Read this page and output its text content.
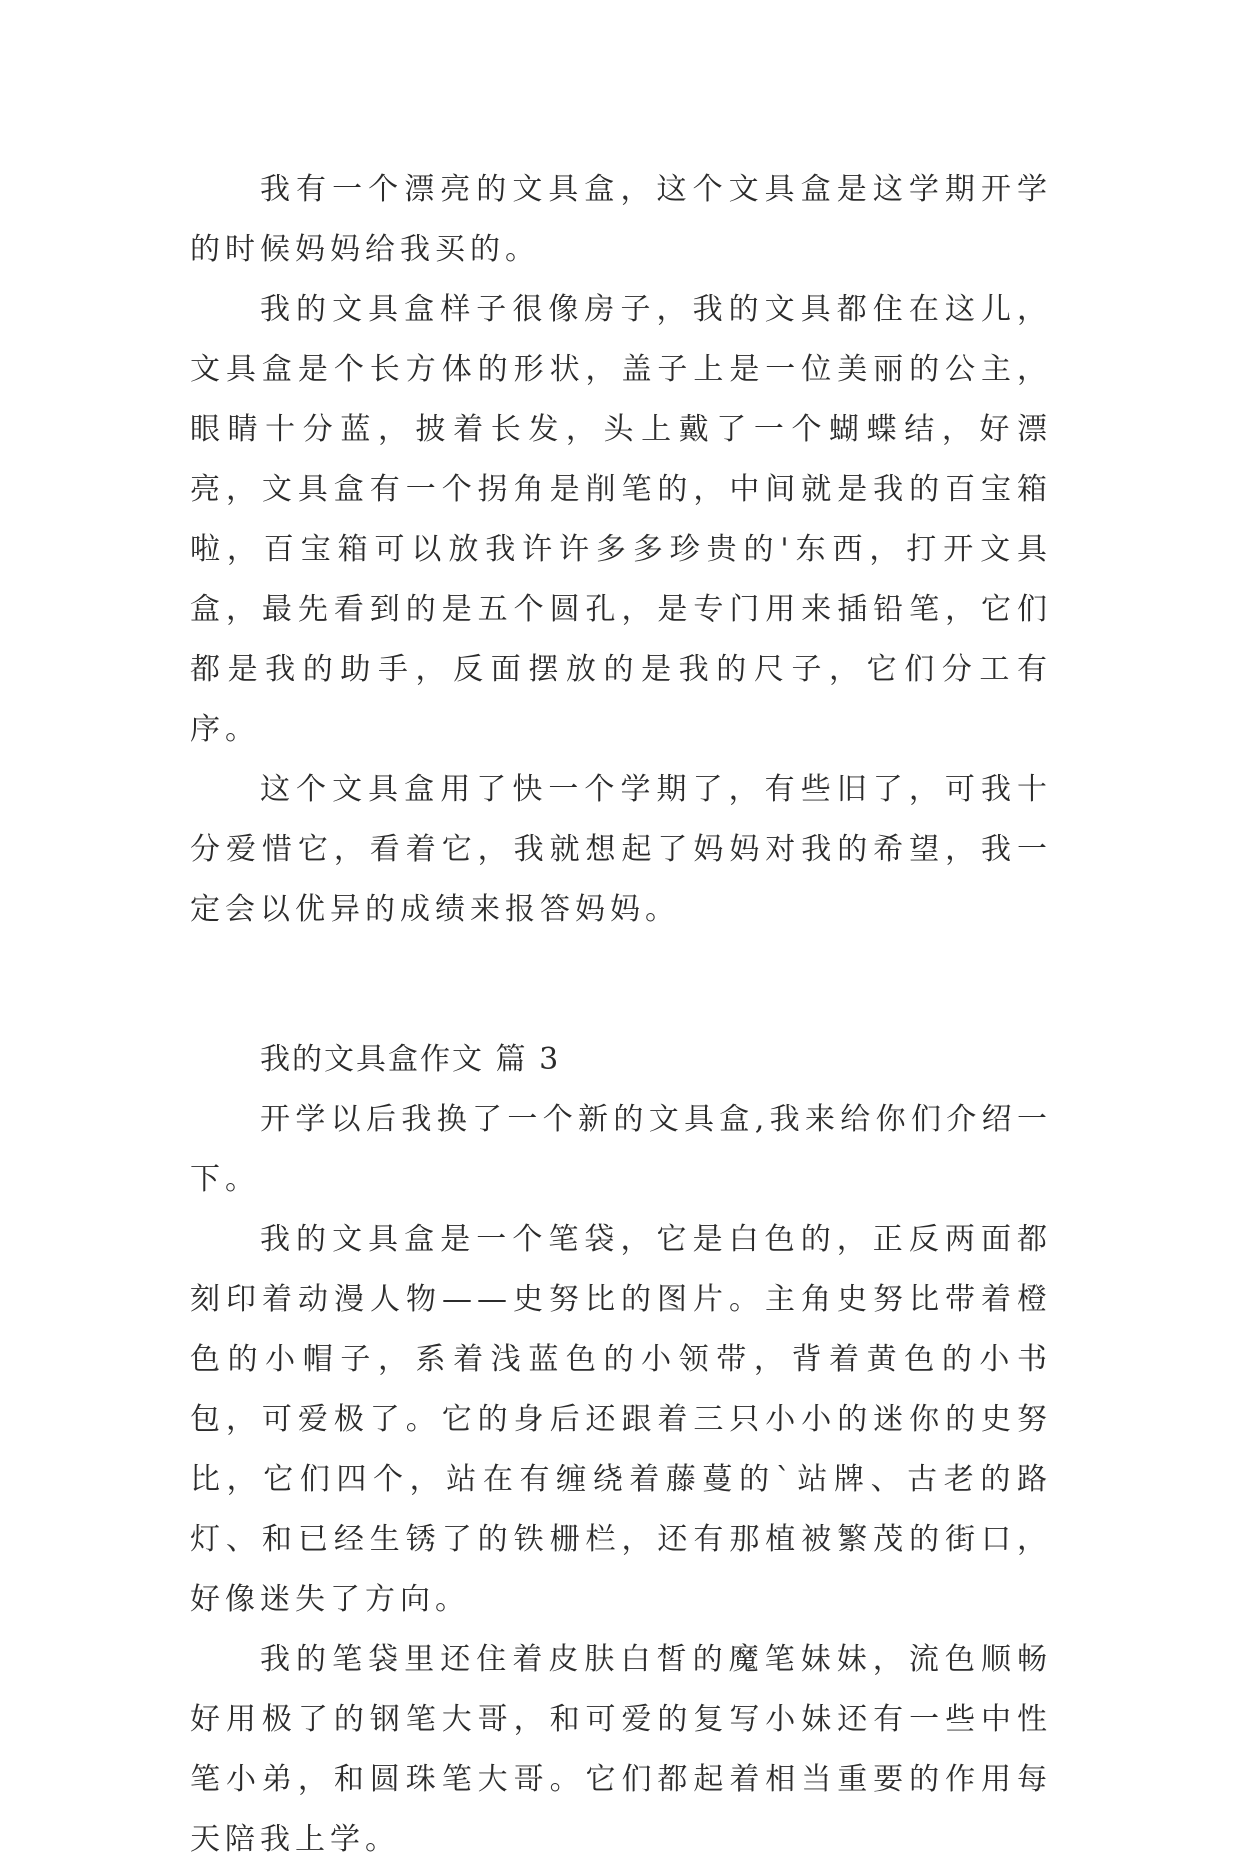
我有一个漂亮的文具盒，这个文具盒是这学期开学的时候妈妈给我买的。

我的文具盒样子很像房子，我的文具都住在这儿，文具盒是个长方体的形状，盖子上是一位美丽的公主，眼睛十分蓝，披着长发，头上戴了一个蝴蝶结，好漂亮，文具盒有一个拐角是削笔的，中间就是我的百宝箱啦，百宝箱可以放我许许多多珍贵的'东西，打开文具盒，最先看到的是五个圆孔，是专门用来插铅笔，它们都是我的助手，反面摆放的是我的尺子，它们分工有序。

这个文具盒用了快一个学期了，有些旧了，可我十分爱惜它，看着它，我就想起了妈妈对我的希望，我一定会以优异的成绩来报答妈妈。

我的文具盒作文 篇 3

开学以后我换了一个新的文具盒,我来给你们介绍一下。

我的文具盒是一个笔袋，它是白色的，正反两面都刻印着动漫人物——史努比的图片。主角史努比带着橙色的小帽子，系着浅蓝色的小领带，背着黄色的小书包，可爱极了。它的身后还跟着三只小小的迷你的史努比，它们四个，站在有缠绕着藤蔓的`站牌、古老的路灯、和已经生锈了的铁栅栏，还有那植被繁茂的街口，好像迷失了方向。

我的笔袋里还住着皮肤白皙的魔笔妹妹，流色顺畅好用极了的钢笔大哥，和可爱的复写小妹还有一些中性笔小弟，和圆珠笔大哥。它们都起着相当重要的作用每天陪我上学。
